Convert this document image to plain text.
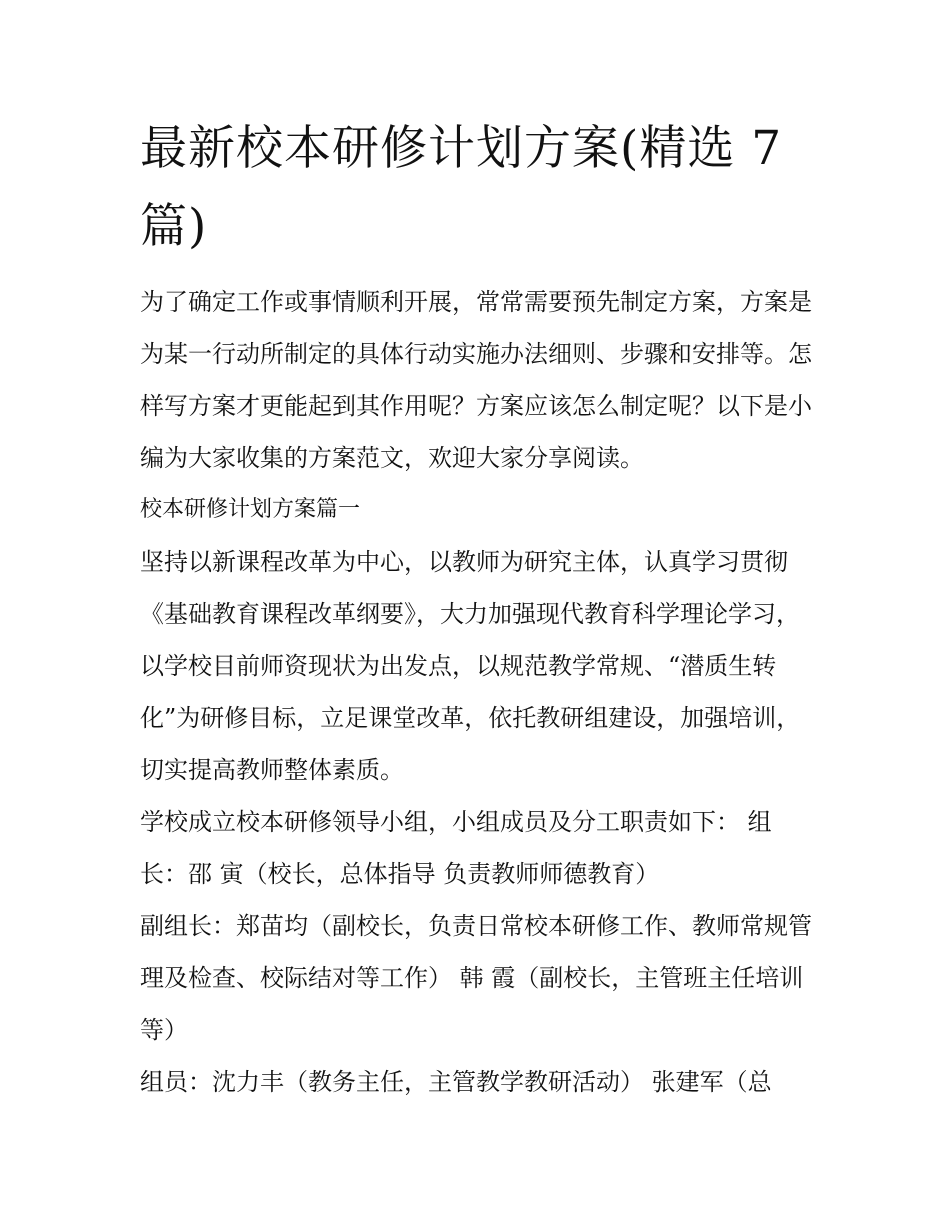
最新校本研修计划方案(精选 7 篇)

为了确定工作或事情顺利开展，常常需要预先制定方案，方案是为某一行动所制定的具体行动实施办法细则、步骤和安排等。怎样写方案才更能起到其作用呢？方案应该怎么制定呢？以下是小编为大家收集的方案范文，欢迎大家分享阅读。

校本研修计划方案篇一

坚持以新课程改革为中心，以教师为研究主体，认真学习贯彻《基础教育课程改革纲要》，大力加强现代教育科学理论学习，以学校目前师资现状为出发点，以规范教学常规、“潜质生转化”为研修目标，立足课堂改革，依托教研组建设，加强培训，切实提高教师整体素质。

学校成立校本研修领导小组，小组成员及分工职责如下： 组长：邵 寅（校长，总体指导 负责教师师德教育）

副组长：郑苗均（副校长，负责日常校本研修工作、教师常规管理及检查、校际结对等工作） 韩 霞（副校长，主管班主任培训等）

组员：沈力丰（教务主任，主管教学教研活动） 张建军（总
